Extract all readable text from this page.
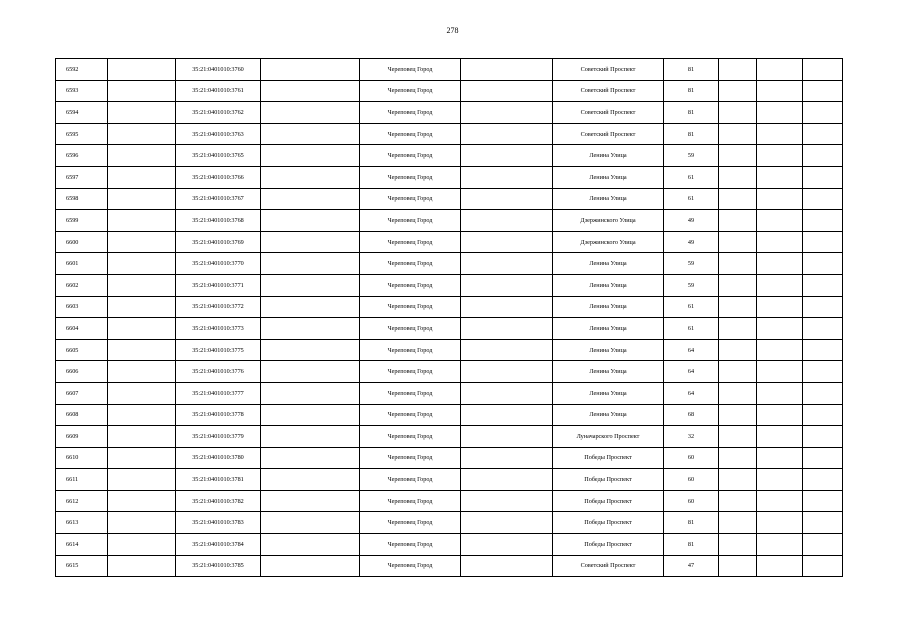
278
6592		35:21:0401010:3760		Череповец Город		Советский Проспект	81			
6593		35:21:0401010:3761		Череповец Город		Советский Проспект	81			
6594		35:21:0401010:3762		Череповец Город		Советский Проспект	81			
6595		35:21:0401010:3763		Череповец Город		Советский Проспект	81			
6596		35:21:0401010:3765		Череповец Город		Ленина Улица	59			
6597		35:21:0401010:3766		Череповец Город		Ленина Улица	61			
6598		35:21:0401010:3767		Череповец Город		Ленина Улица	61			
6599		35:21:0401010:3768		Череповец Город		Дзержинского Улица	49			
6600		35:21:0401010:3769		Череповец Город		Дзержинского Улица	49			
6601		35:21:0401010:3770		Череповец Город		Ленина Улица	59			
6602		35:21:0401010:3771		Череповец Город		Ленина Улица	59			
6603		35:21:0401010:3772		Череповец Город		Ленина Улица	61			
6604		35:21:0401010:3773		Череповец Город		Ленина Улица	61			
6605		35:21:0401010:3775		Череповец Город		Ленина Улица	64			
6606		35:21:0401010:3776		Череповец Город		Ленина Улица	64			
6607		35:21:0401010:3777		Череповец Город		Ленина Улица	64			
6608		35:21:0401010:3778		Череповец Город		Ленина Улица	68			
6609		35:21:0401010:3779		Череповец Город		Луначарского Проспект	32			
6610		35:21:0401010:3780		Череповец Город		Победы Проспект	60			
6611		35:21:0401010:3781		Череповец Город		Победы Проспект	60			
6612		35:21:0401010:3782		Череповец Город		Победы Проспект	60			
6613		35:21:0401010:3783		Череповец Город		Победы Проспект	81			
6614		35:21:0401010:3784		Череповец Город		Победы Проспект	81			
6615		35:21:0401010:3785		Череповец Город		Советский Проспект	47			
